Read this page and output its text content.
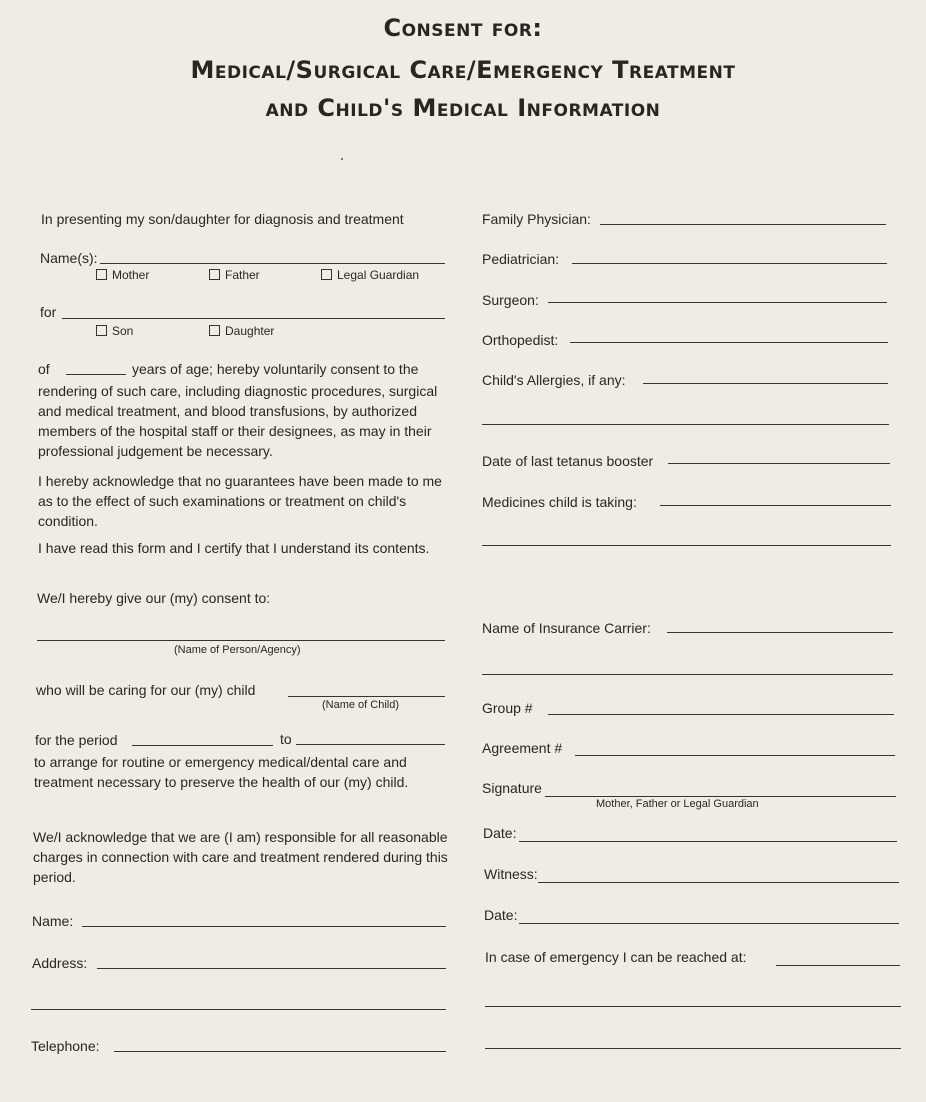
Consent for:
Medical/Surgical Care/Emergency Treatment
and Child's Medical Information
In presenting my son/daughter for diagnosis and treatment
Name(s):
Mother	Father	Legal Guardian
for
Son	Daughter
of	years of age; hereby voluntarily consent to the
rendering of such care, including diagnostic procedures, surgical and medical treatment, and blood transfusions, by authorized members of the hospital staff or their designees, as may in their professional judgement be necessary.
I hereby acknowledge that no guarantees have been made to me as to the effect of such examinations or treatment on child's condition.
I have read this form and I certify that I understand its contents.
We/I hereby give our (my) consent to:
(Name of Person/Agency)
who will be caring for our (my) child
(Name of Child)
for the period	to
to arrange for routine or emergency medical/dental care and treatment necessary to preserve the health of our (my) child.
We/I acknowledge that we are (I am) responsible for all reasonable charges in connection with care and treatment rendered during this period.
Name:
Address:
Telephone:
Family Physician:
Pediatrician:
Surgeon:
Orthopedist:
Child's Allergies, if any:
Date of last tetanus booster
Medicines child is taking:
Name of Insurance Carrier:
Group #
Agreement #
Signature
Mother, Father or Legal Guardian
Date:
Witness:
Date:
In case of emergency I can be reached at:
